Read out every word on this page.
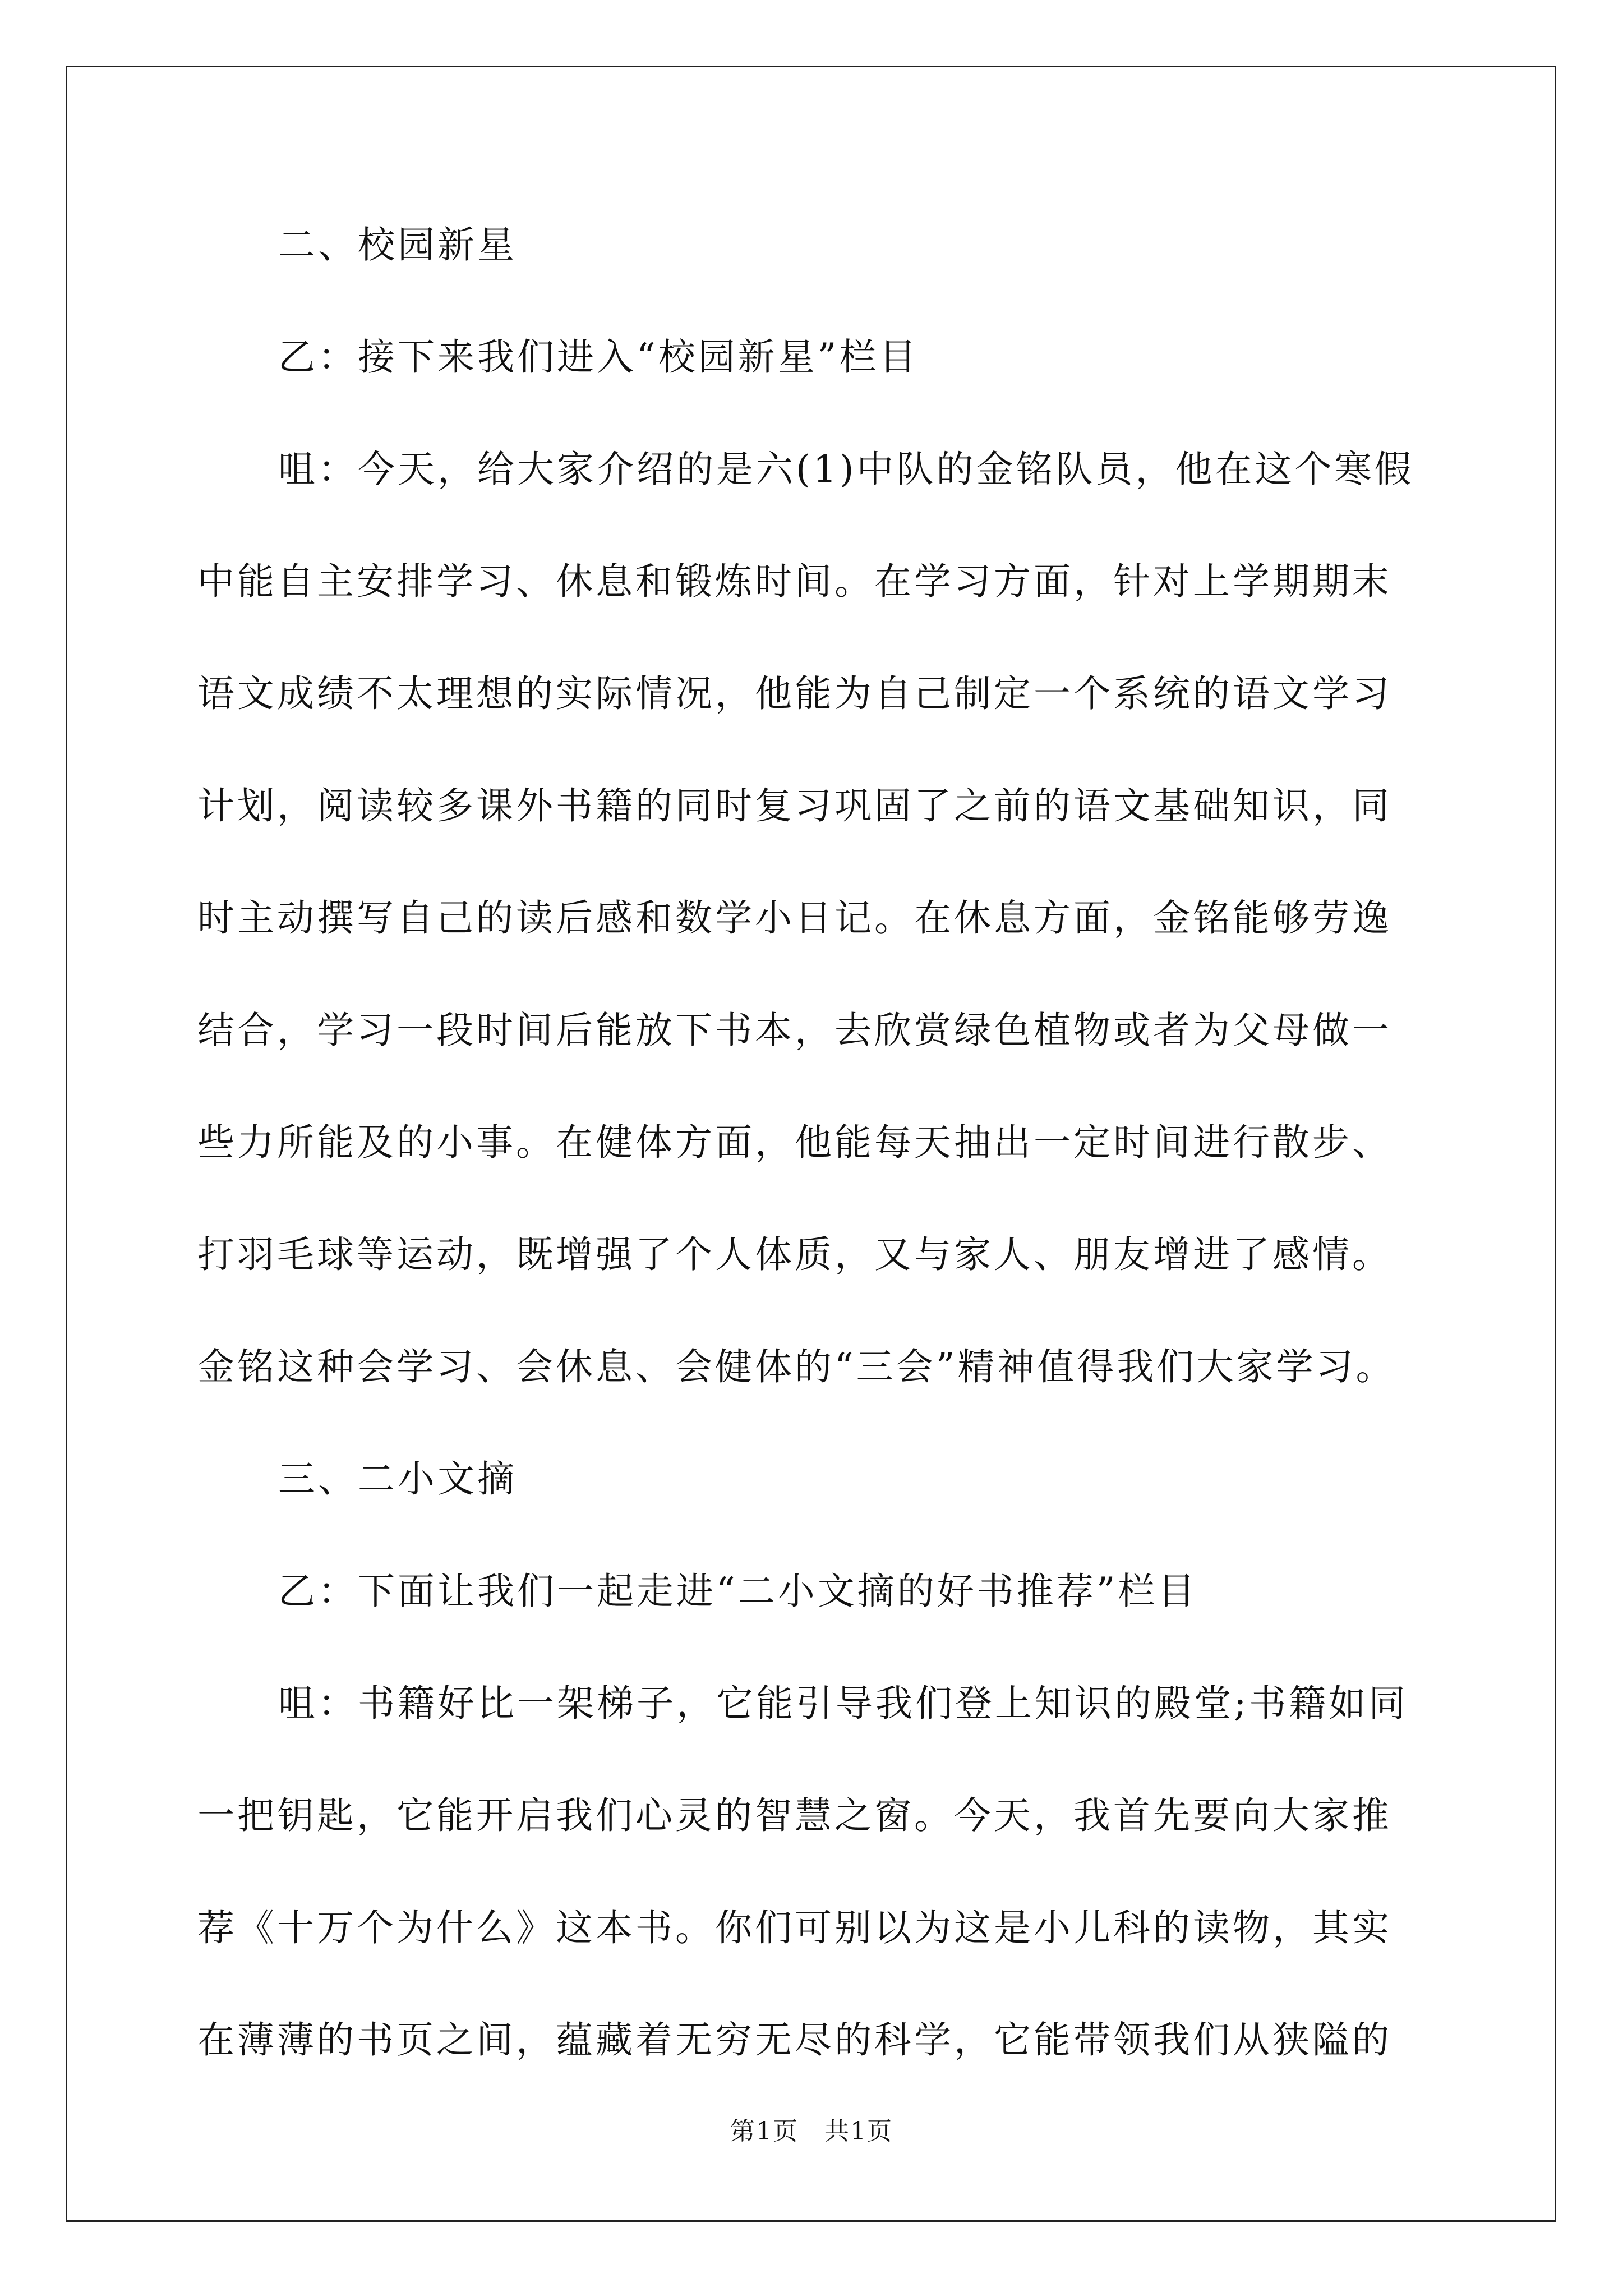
二、校园新星
乙：接下来我们进入“校园新星”栏目
咀：今天，给大家介绍的是六(1)中队的金铭队员，他在这个寒假
中能自主安排学习、休息和锻炼时间。在学习方面，针对上学期期末
语文成绩不太理想的实际情况，他能为自己制定一个系统的语文学习
计划，阅读较多课外书籍的同时复习巩固了之前的语文基础知识，同
时主动撰写自己的读后感和数学小日记。在休息方面，金铭能够劳逸
结合，学习一段时间后能放下书本，去欣赏绿色植物或者为父母做一
些力所能及的小事。在健体方面，他能每天抽出一定时间进行散步、
打羽毛球等运动，既增强了个人体质，又与家人、朋友增进了感情。
金铭这种会学习、会休息、会健体的“三会”精神值得我们大家学习。
三、二小文摘
乙：下面让我们一起走进“二小文摘的好书推荐”栏目
咀：书籍好比一架梯子，它能引导我们登上知识的殿堂;书籍如同
一把钥匙，它能开启我们心灵的智慧之窗。今天，我首先要向大家推
荐《十万个为什么》这本书。你们可别以为这是小儿科的读物，其实
在薄薄的书页之间，蕴藏着无穷无尽的科学，它能带领我们从狭隘的
第1页　共1页
